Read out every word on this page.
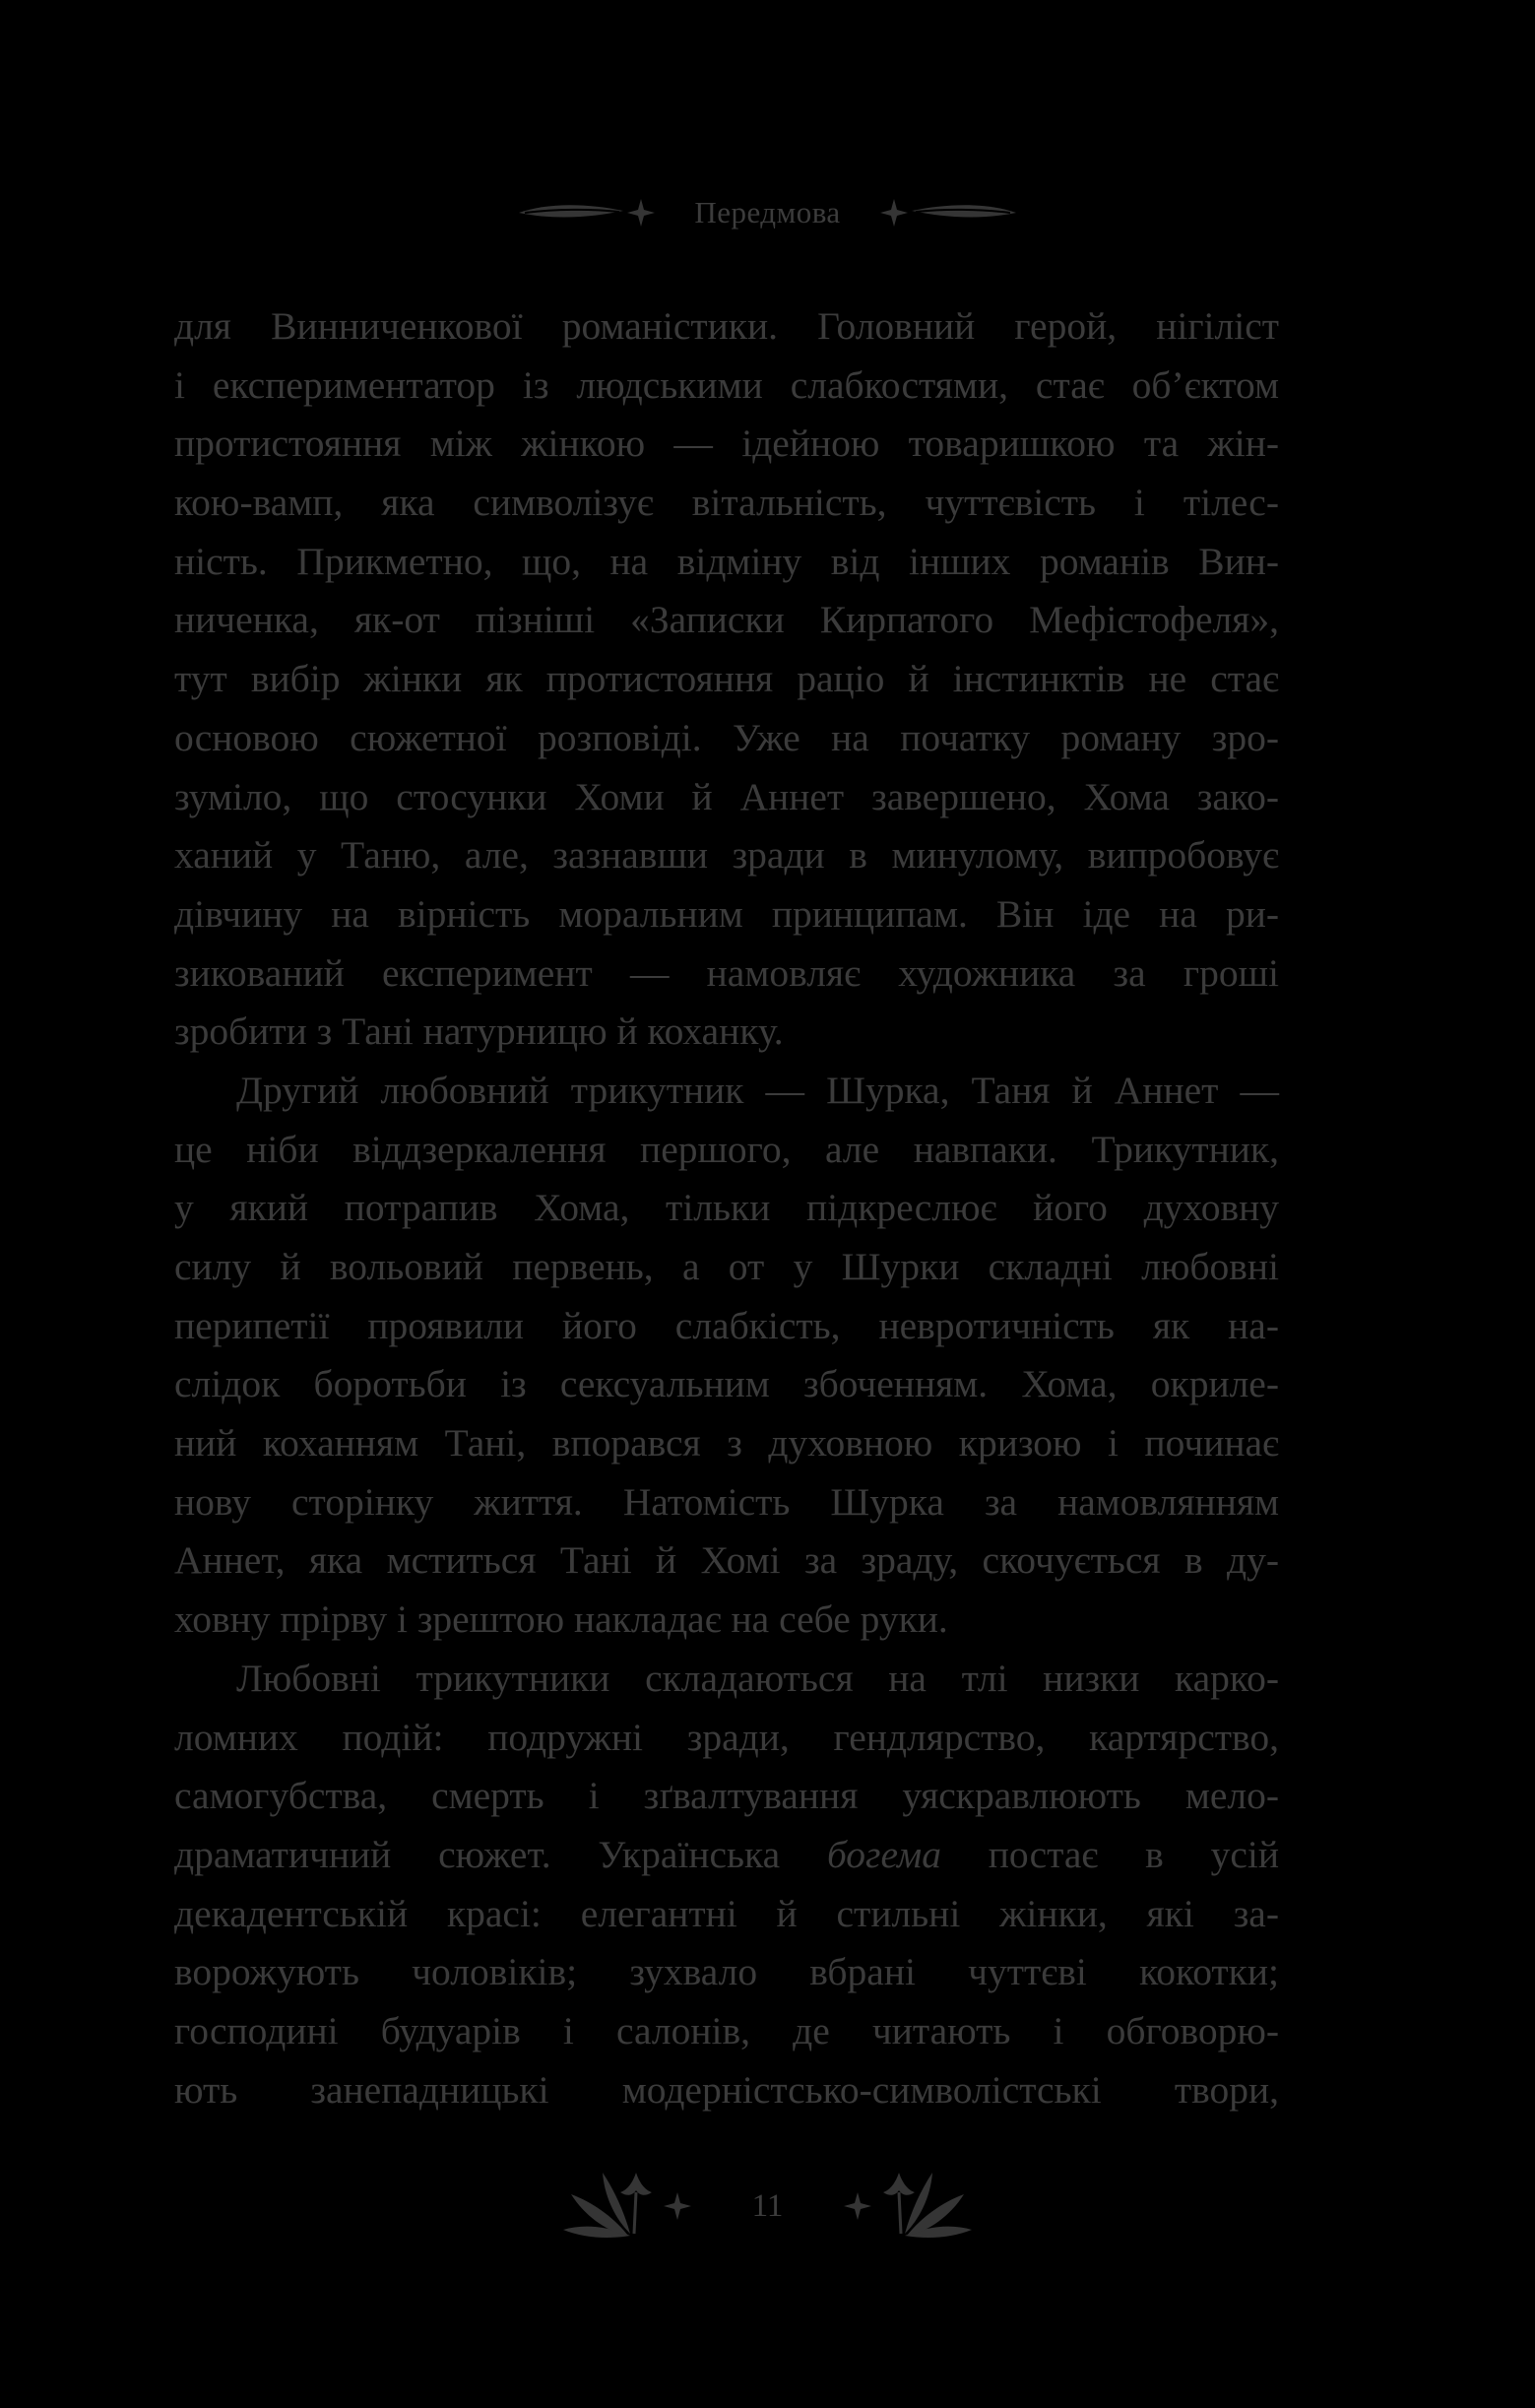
Передмова
для Винниченкової романістики. Головний герой, нігіліст
і експериментатор із людськими слабкостями, стає об’єктом
протистояння між жінкою — ідейною товаришкою та жін-
кою-вамп, яка символізує вітальність, чуттєвість і тілес-
ність. Прикметно, що, на відміну від інших романів Вин-
ниченка, як-от пізніші «Записки Кирпатого Мефістофеля»,
тут вибір жінки як протистояння раціо й інстинктів не стає
основою сюжетної розповіді. Уже на початку роману зро-
зуміло, що стосунки Хоми й Аннет завершено, Хома зако-
ханий у Таню, але, зазнавши зради в минулому, випробовує
дівчину на вірність моральним принципам. Він іде на ри-
зикований експеримент — намовляє художника за гроші
зробити з Тані натурницю й коханку.
Другий любовний трикутник — Шурка, Таня й Аннет —
це ніби віддзеркалення першого, але навпаки. Трикутник,
у який потрапив Хома, тільки підкреслює його духовну
силу й вольовий первень, а от у Шурки складні любовні
перипетії проявили його слабкість, невротичність як на-
слідок боротьби із сексуальним збоченням. Хома, окриле-
ний коханням Тані, впорався з духовною кризою і починає
нову сторінку життя. Натомість Шурка за намовлянням
Аннет, яка мститься Тані й Хомі за зраду, скочується в ду-
ховну прірву і зрештою накладає на себе руки.
Любовні трикутники складаються на тлі низки карко-
ломних подій: подружні зради, гендлярство, картярство,
самогубства, смерть і зґвалтування уяскравлюють мело-
драматичний сюжет. Українська богема постає в усій
декадентській красі: елегантні й стильні жінки, які за-
ворожують чоловіків; зухвало вбрані чуттєві кокотки;
господині будуарів і салонів, де читають і обговорю-
ють занепадницькі модерністсько-символістські твори,
11
